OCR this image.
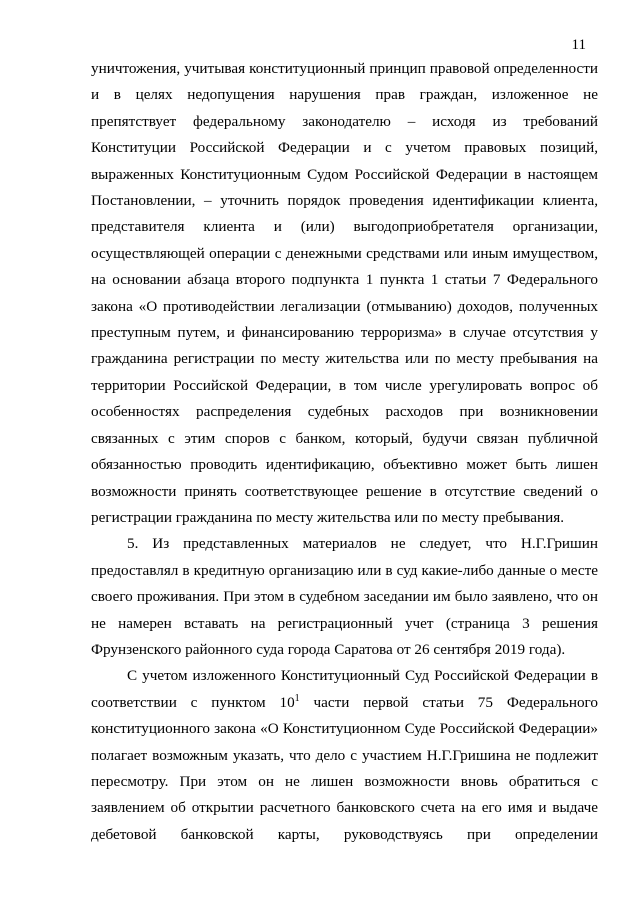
11

уничтожения, учитывая конституционный принцип правовой определенности и в целях недопущения нарушения прав граждан, изложенное не препятствует федеральному законодателю – исходя из требований Конституции Российской Федерации и с учетом правовых позиций, выраженных Конституционным Судом Российской Федерации в настоящем Постановлении, – уточнить порядок проведения идентификации клиента, представителя клиента и (или) выгодоприобретателя организации, осуществляющей операции с денежными средствами или иным имуществом, на основании абзаца второго подпункта 1 пункта 1 статьи 7 Федерального закона «О противодействии легализации (отмыванию) доходов, полученных преступным путем, и финансированию терроризма» в случае отсутствия у гражданина регистрации по месту жительства или по месту пребывания на территории Российской Федерации, в том числе урегулировать вопрос об особенностях распределения судебных расходов при возникновении связанных с этим споров с банком, который, будучи связан публичной обязанностью проводить идентификацию, объективно может быть лишен возможности принять соответствующее решение в отсутствие сведений о регистрации гражданина по месту жительства или по месту пребывания.

5. Из представленных материалов не следует, что Н.Г.Гришин предоставлял в кредитную организацию или в суд какие-либо данные о месте своего проживания. При этом в судебном заседании им было заявлено, что он не намерен вставать на регистрационный учет (страница 3 решения Фрунзенского районного суда города Саратова от 26 сентября 2019 года).

С учетом изложенного Конституционный Суд Российской Федерации в соответствии с пунктом $10^1$ части первой статьи 75 Федерального конституционного закона «О Конституционном Суде Российской Федерации» полагает возможным указать, что дело с участием Н.Г.Гришина не подлежит пересмотру. При этом он не лишен возможности вновь обратиться с заявлением об открытии расчетного банковского счета на его имя и выдаче дебетовой банковской карты, руководствуясь при определении
